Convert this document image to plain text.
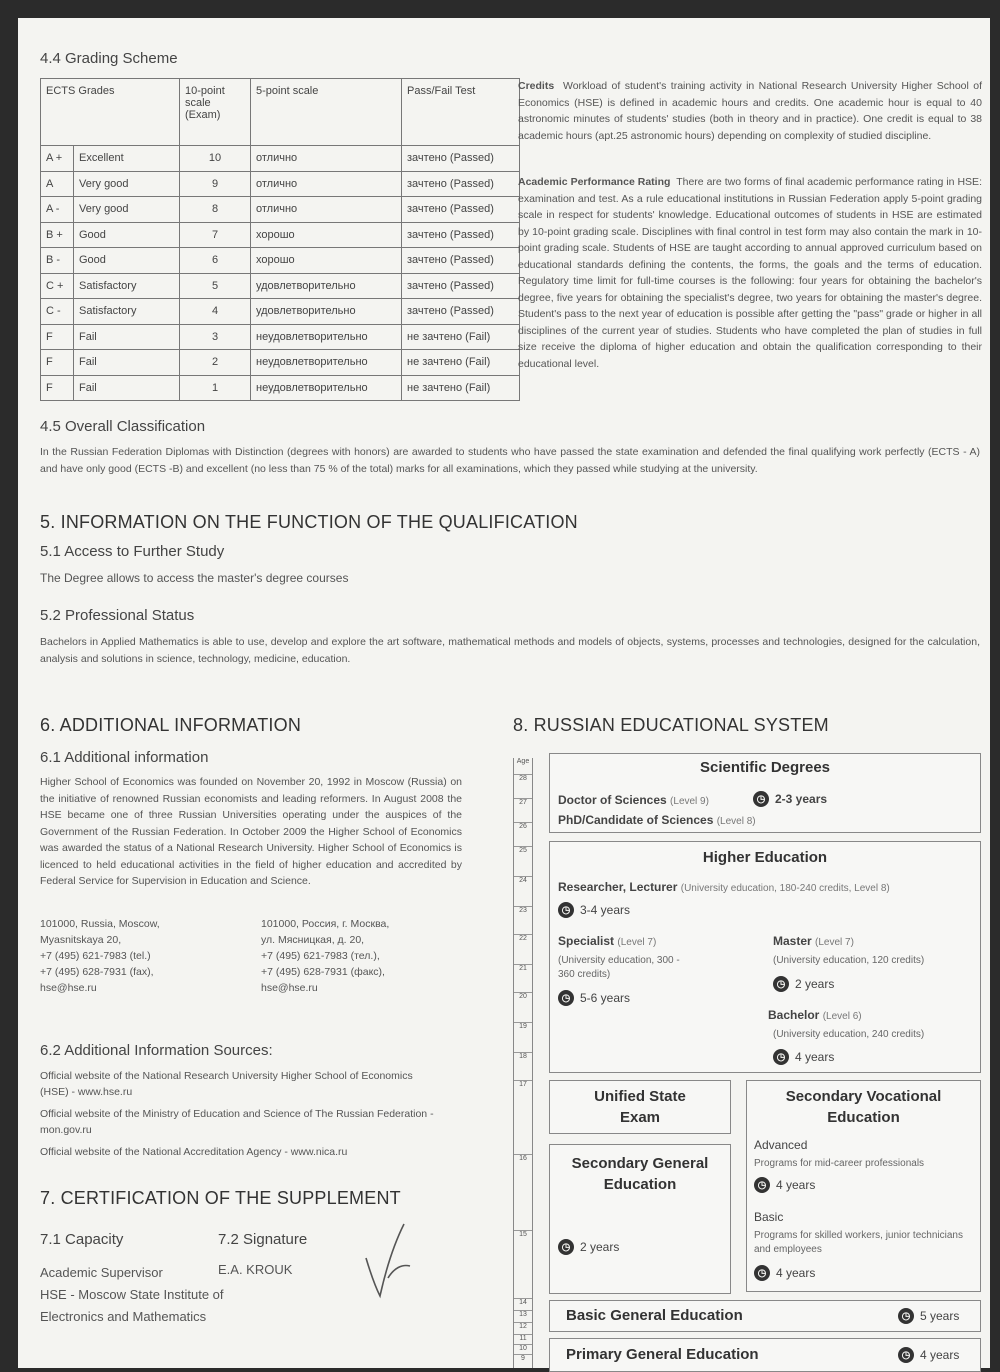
4.4 Grading Scheme
ECTS Grades		10-point scale (Exam)	5-point scale	Pass/Fail Test
A +	Excellent	10	отлично	зачтено (Passed)
A	Very good	9	отлично	зачтено (Passed)
A -	Very good	8	отлично	зачтено (Passed)
B +	Good	7	хорошо	зачтено (Passed)
B -	Good	6	хорошо	зачтено (Passed)
C +	Satisfactory	5	удовлетворительно	зачтено (Passed)
C -	Satisfactory	4	удовлетворительно	зачтено (Passed)
F	Fail	3	неудовлетворительно	не зачтено (Fail)
F	Fail	2	неудовлетворительно	не зачтено (Fail)
F	Fail	1	неудовлетворительно	не зачтено (Fail)
Credits Workload of student's training activity in National Research University Higher School of Economics (HSE) is defined in academic hours and credits. One academic hour is equal to 40 astronomic minutes of students' studies (both in theory and in practice). One credit is equal to 38 academic hours (apt.25 astronomic hours) depending on complexity of studied discipline.
Academic Performance Rating There are two forms of final academic performance rating in HSE: examination and test. As a rule educational institutions in Russian Federation apply 5-point grading scale in respect for students' knowledge. Educational outcomes of students in HSE are estimated by 10-point grading scale. Disciplines with final control in test form may also contain the mark in 10-point grading scale. Students of HSE are taught according to annual approved curriculum based on educational standards defining the contents, the forms, the goals and the terms of education. Regulatory time limit for full-time courses is the following: four years for obtaining the bachelor's degree, five years for obtaining the specialist's degree, two years for obtaining the master's degree. Student's pass to the next year of education is possible after getting the "pass" grade or higher in all disciplines of the current year of studies. Students who have completed the plan of studies in full size receive the diploma of higher education and obtain the qualification corresponding to their educational level.
4.5 Overall Classification
In the Russian Federation Diplomas with Distinction (degrees with honors) are awarded to students who have passed the state examination and defended the final qualifying work perfectly (ECTS - A) and have only good (ECTS -B) and excellent (no less than 75 % of the total) marks for all examinations, which they passed while studying at the university.
5. INFORMATION ON THE FUNCTION OF THE QUALIFICATION
5.1 Access to Further Study
The Degree allows to access the master's degree courses
5.2 Professional Status
Bachelors in Applied Mathematics is able to use, develop and explore the art software, mathematical methods and models of objects, systems, processes and technologies, designed for the calculation, analysis and solutions in science, technology, medicine, education.
6. ADDITIONAL INFORMATION
6.1 Additional information
Higher School of Economics was founded on November 20, 1992 in Moscow (Russia) on the initiative of renowned Russian economists and leading reformers. In August 2008 the HSE became one of three Russian Universities operating under the auspices of the Government of the Russian Federation. In October 2009 the Higher School of Economics was awarded the status of a National Research University. Higher School of Economics is licenced to held educational activities in the field of higher education and accredited by Federal Service for Supervision in Education and Science.
101000, Russia, Moscow,
Myasnitskaya 20,
+7 (495) 621-7983 (tel.)
+7 (495) 628-7931 (fax),
hse@hse.ru
101000, Россия, г. Москва,
ул. Мясницкая, д. 20,
+7 (495) 621-7983 (тел.),
+7 (495) 628-7931 (факс),
hse@hse.ru
6.2 Additional Information Sources:
Official website of the National Research University Higher School of Economics (HSE) - www.hse.ru
Official website of the Ministry of Education and Science of The Russian Federation - mon.gov.ru
Official website of the National Accreditation Agency - www.nica.ru
7. CERTIFICATION OF THE SUPPLEMENT
7.1 Capacity	7.2 Signature
Academic Supervisor
HSE - Moscow State Institute of
Electronics and Mathematics
E.A. KROUK
8. RUSSIAN EDUCATIONAL SYSTEM
Age
28
27
26
25
24
23
22
21
20
19
18
17
16
15
14
13
12
11
10
9
Scientific Degrees
Doctor of Sciences (Level 9)
PhD/Candidate of Sciences (Level 8)
◷ 2-3 years
Higher Education
Researcher, Lecturer (University education, 180-240 credits, Level 8)
◷ 3-4 years
Specialist (Level 7)
(University education, 300 - 360 credits)
◷ 5-6 years
Master (Level 7)
(University education, 120 credits)
◷ 2 years
Bachelor (Level 6)
(University education, 240 credits)
◷ 4 years
Unified State Exam
Secondary General Education
◷ 2 years
Secondary Vocational Education
Advanced
Programs for mid-career professionals
◷ 4 years
Basic
Programs for skilled workers, junior technicians and employees
◷ 4 years
Basic General Education	◷ 5 years
Primary General Education	◷ 4 years
